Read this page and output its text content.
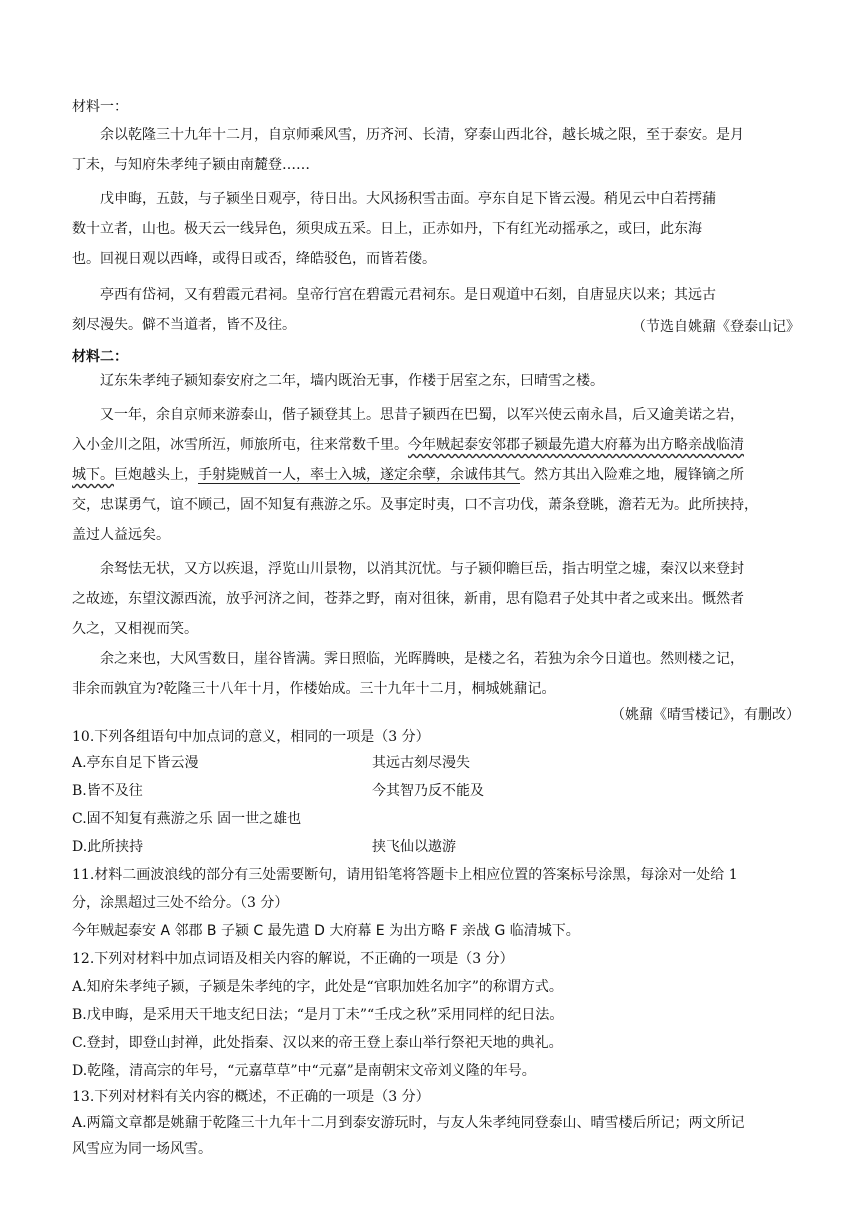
材料一：
余以乾隆三十九年十二月，自京师乘风雪，历齐河、长清，穿泰山西北谷，越长城之限，至于泰安。是月
丁未，与知府朱孝纯子颍由南麓登……
戊申晦，五鼓，与子颍坐日观亭，待日出。大风扬积雪击面。亭东自足下皆云漫。稍见云中白若摴蒱
数十立者，山也。极天云一线异色，须臾成五采。日上，正赤如丹，下有红光动摇承之，或曰，此东海
也。回视日观以西峰，或得日或否，绛皓驳色，而皆若偻。
亭西有岱祠，又有碧霞元君祠。皇帝行宫在碧霞元君祠东。是日观道中石刻，自唐显庆以来；其远古
刻尽漫失。僻不当道者，皆不及往。	（节选自姚鼐《登泰山记》
材料二：
辽东朱孝纯子颍知泰安府之二年，墙内既治无事，作楼于居室之东，曰晴雪之楼。
又一年，余自京师来游泰山，偕子颍登其上。思昔子颍西在巴蜀，以军兴使云南永昌，后又逾美诺之岩，
入小金川之阻，冰雪所沍，师旅所屯，往来常数千里。今年贼起泰安邻郡子颍最先遣大府幕为出方略亲战临清
城下。巨炮越头上，手射毙贼首一人，率士入城，遂定余孽，余诚伟其气。然方其出入险难之地，履锋镝之所
交，忠谋勇气，谊不顾己，固不知复有燕游之乐。及事定时夷，口不言功伐，萧条登眺，澹若无为。此所挟持，
盖过人益远矣。
余驽怯无状，又方以疾退，浮览山川景物，以消其沉忧。与子颍仰瞻巨岳，指古明堂之墟，秦汉以来登封
之故迹，东望汶源西流，放乎河济之间，苍莽之野，南对徂徕，新甫，思有隐君子处其中者之或来出。慨然者
久之，又相视而笑。
余之来也，大风雪数日，崖谷皆满。霁日照临，光晖腾映，是楼之名，若独为余今日道也。然则楼之记，
非余而孰宜为?乾隆三十八年十月，作楼始成。三十九年十二月，桐城姚鼐记。
（姚鼐《晴雪楼记》，有删改）
10.下列各组语句中加点词的意义，相同的一项是（3 分）
A.亭东自足下皆云漫	其远古刻尽漫失
B.皆不及往	今其智乃反不能及
C.固不知复有燕游之乐 固一世之雄也
D.此所挟持	挟飞仙以遨游
11.材料二画波浪线的部分有三处需要断句，请用铅笔将答题卡上相应位置的答案标号涂黑，每涂对一处给 1
分，涂黑超过三处不给分。（3 分）
今年贼起泰安 A 邻郡 B 子颍 C 最先遣 D 大府幕 E 为出方略 F 亲战 G 临清城下。
12.下列对材料中加点词语及相关内容的解说，不正确的一项是（3 分）
A.知府朱孝纯子颍，子颍是朱孝纯的字，此处是“官职加姓名加字”的称谓方式。
B.戊申晦，是采用天干地支纪日法；“是月丁未”“壬戌之秋”采用同样的纪日法。
C.登封，即登山封禅，此处指秦、汉以来的帝王登上泰山举行祭祀天地的典礼。
D.乾隆，清高宗的年号，“元嘉草草”中“元嘉”是南朝宋文帝刘义隆的年号。
13.下列对材料有关内容的概述，不正确的一项是（3 分）
A.两篇文章都是姚鼐于乾隆三十九年十二月到泰安游玩时，与友人朱孝纯同登泰山、晴雪楼后所记；两文所记
风雪应为同一场风雪。
